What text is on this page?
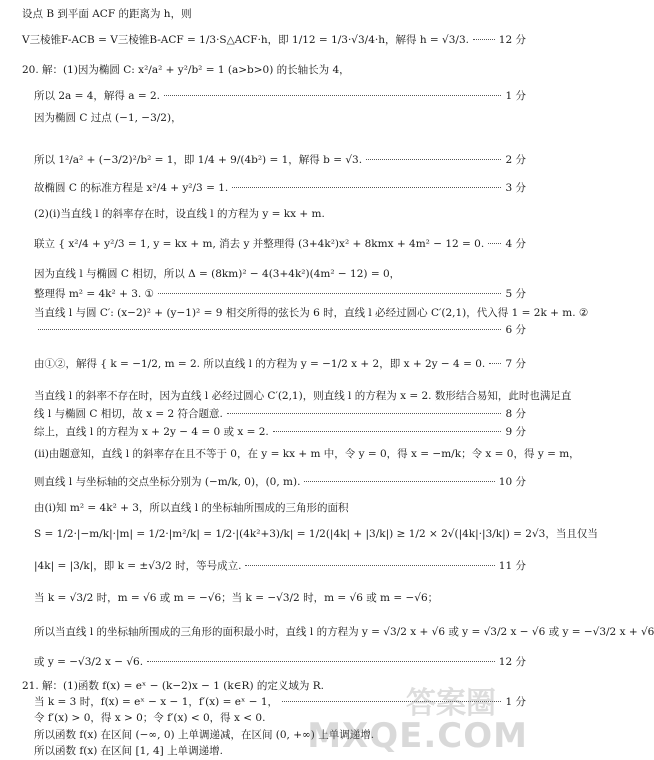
设点 B 到平面 ACF 的距离为 h，则
V三棱锥F-ACB = V三棱锥B-ACF = 1/3·S△ACF·h，即 1/12 = 1/3·√3/4·h，解得 h = √3/3.	12 分
20. 解：(1)因为椭圆 C: x²/a² + y²/b² = 1 (a>b>0) 的长轴长为 4，
所以 2a = 4，解得 a = 2.	1 分
因为椭圆 C 过点 (−1, −3/2)，
所以 1²/a² + (−3/2)²/b² = 1，即 1/4 + 9/(4b²) = 1，解得 b = √3.	2 分
故椭圆 C 的标准方程是 x²/4 + y²/3 = 1.	3 分
(2)(ⅰ)当直线 l 的斜率存在时，设直线 l 的方程为 y = kx + m.
联立 { x²/4 + y²/3 = 1, y = kx + m, 消去 y 并整理得 (3+4k²)x² + 8kmx + 4m² − 12 = 0. 4 分
因为直线 l 与椭圆 C 相切，所以 Δ = (8km)² − 4(3+4k²)(4m² − 12) = 0，
整理得 m² = 4k² + 3. ①	5 分
当直线 l 与圆 C′: (x−2)² + (y−1)² = 9 相交所得的弦长为 6 时，直线 l 必经过圆心 C′(2,1)，代入得 1 = 2k + m. ②
6 分
由①②，解得 { k = −1/2, m = 2. 所以直线 l 的方程为 y = −1/2 x + 2，即 x + 2y − 4 = 0. 7 分
当直线 l 的斜率不存在时，因为直线 l 必经过圆心 C′(2,1)，则直线 l 的方程为 x = 2. 数形结合易知，此时也满足直
线 l 与椭圆 C 相切，故 x = 2 符合题意.	8 分
综上，直线 l 的方程为 x + 2y − 4 = 0 或 x = 2.	9 分
(ⅱ)由题意知，直线 l 的斜率存在且不等于 0，在 y = kx + m 中，令 y = 0，得 x = −m/k；令 x = 0，得 y = m，
则直线 l 与坐标轴的交点坐标分别为 (−m/k, 0)，(0, m).	10 分
由(ⅰ)知 m² = 4k² + 3，所以直线 l 的坐标轴所围成的三角形的面积
S = 1/2·|−m/k|·|m| = 1/2·|m²/k| = 1/2·|(4k²+3)/k| = 1/2(|4k| + |3/k|) ≥ 1/2 × 2√(|4k|·|3/k|) = 2√3，当且仅当
|4k| = |3/k|，即 k = ±√3/2 时，等号成立.	11 分
当 k = √3/2 时，m = √6 或 m = −√6；当 k = −√3/2 时，m = √6 或 m = −√6；
所以当直线 l 的坐标轴所围成的三角形的面积最小时，直线 l 的方程为 y = √3/2 x + √6 或 y = √3/2 x − √6 或 y = −√3/2 x + √6
或 y = −√3/2 x − √6.	12 分
21. 解：(1)函数 f(x) = eˣ − (k−2)x − 1 (k∈R) 的定义域为 R.
当 k = 3 时，f(x) = eˣ − x − 1，f′(x) = eˣ − 1，	1 分
令 f′(x) > 0，得 x > 0；令 f′(x) < 0，得 x < 0.
所以函数 f(x) 在区间 (−∞, 0) 上单调递减，在区间 (0, +∞) 上单调递增.
所以函数 f(x) 在区间 [1, 4] 上单调递增.
答案圈
MXQE.COM
